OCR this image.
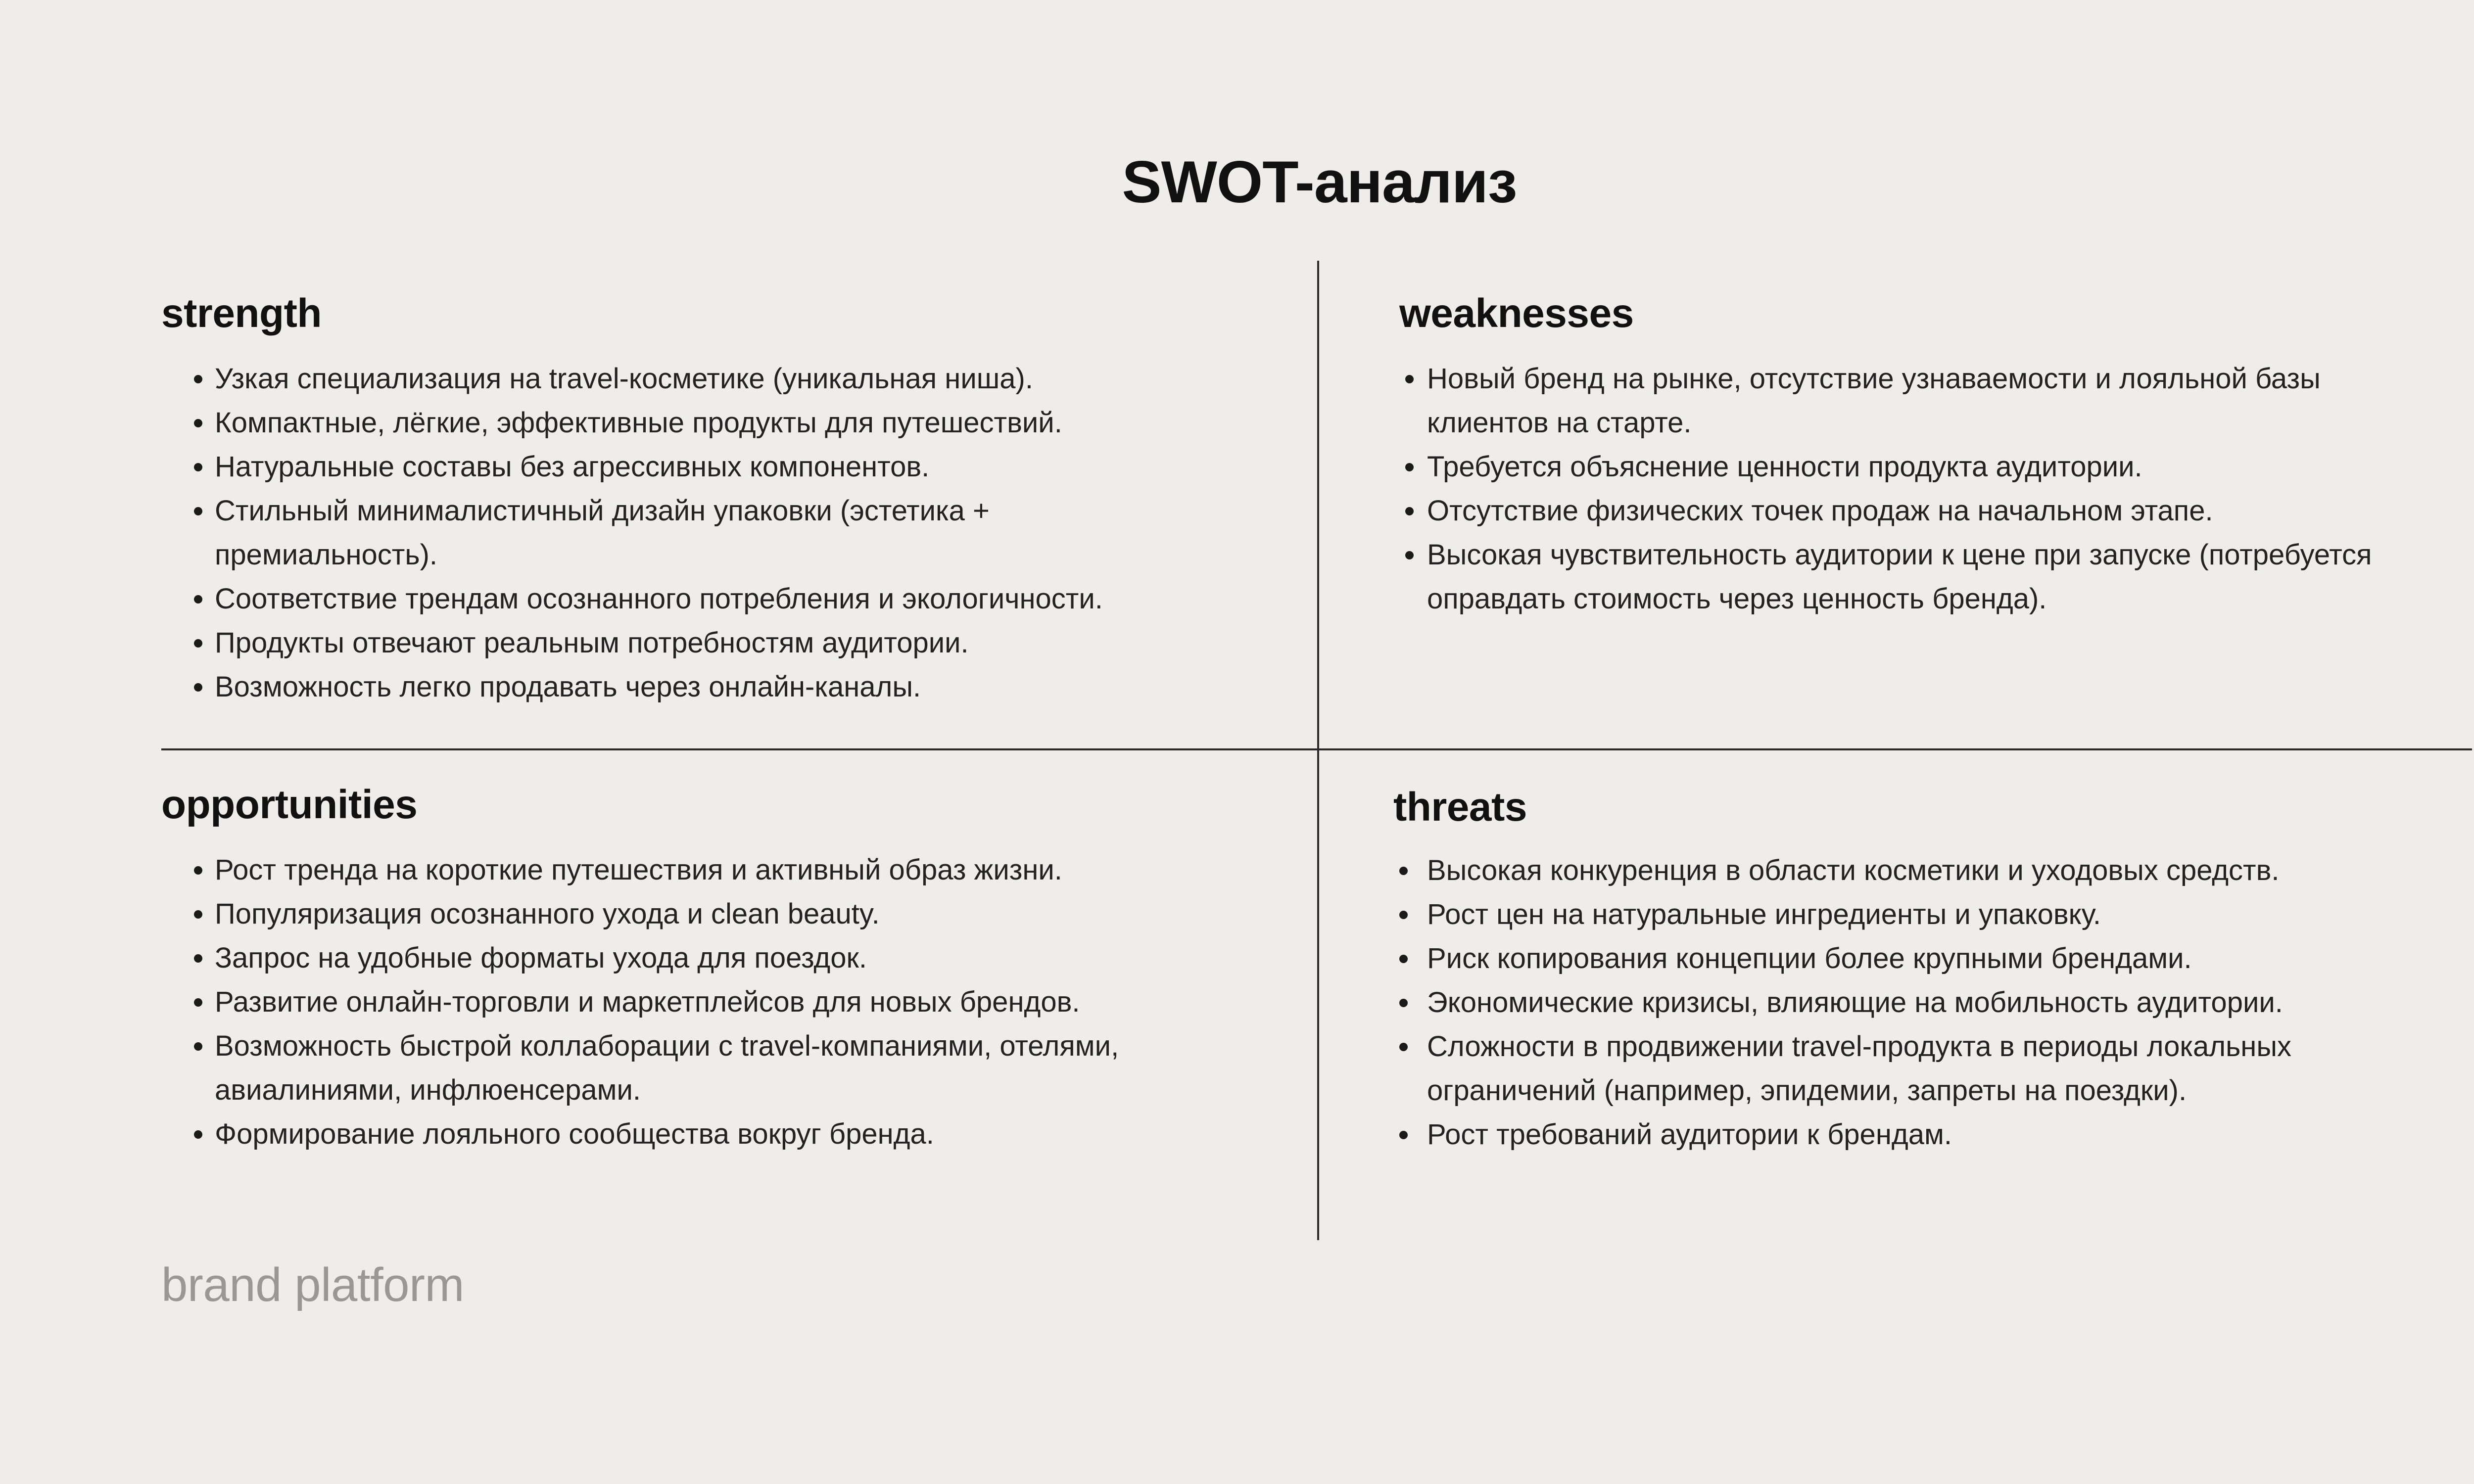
SWOT-анализ
strength
Узкая специализация на travel-косметике (уникальная ниша).
Компактные, лёгкие, эффективные продукты для путешествий.
Натуральные составы без агрессивных компонентов.
Стильный минималистичный дизайн упаковки (эстетика + премиальность).
Соответствие трендам осознанного потребления и экологичности.
Продукты отвечают реальным потребностям аудитории.
Возможность легко продавать через онлайн-каналы.
weaknesses
Новый бренд на рынке, отсутствие узнаваемости и лояльной базы клиентов на старте.
Требуется объяснение ценности продукта аудитории.
Отсутствие физических точек продаж на начальном этапе.
Высокая чувствительность аудитории к цене при запуске (потребуется оправдать стоимость через ценность бренда).
opportunities
Рост тренда на короткие путешествия и активный образ жизни.
Популяризация осознанного ухода и clean beauty.
Запрос на удобные форматы ухода для поездок.
Развитие онлайн-торговли и маркетплейсов для новых брендов.
Возможность быстрой коллаборации с travel-компаниями, отелями, авиалиниями, инфлюенсерами.
Формирование лояльного сообщества вокруг бренда.
threats
Высокая конкуренция в области косметики и уходовых средств.
Рост цен на натуральные ингредиенты и упаковку.
Риск копирования концепции более крупными брендами.
Экономические кризисы, влияющие на мобильность аудитории.
Сложности в продвижении travel-продукта в периоды локальных ограничений (например, эпидемии, запреты на поездки).
Рост требований аудитории к брендам.
brand platform
